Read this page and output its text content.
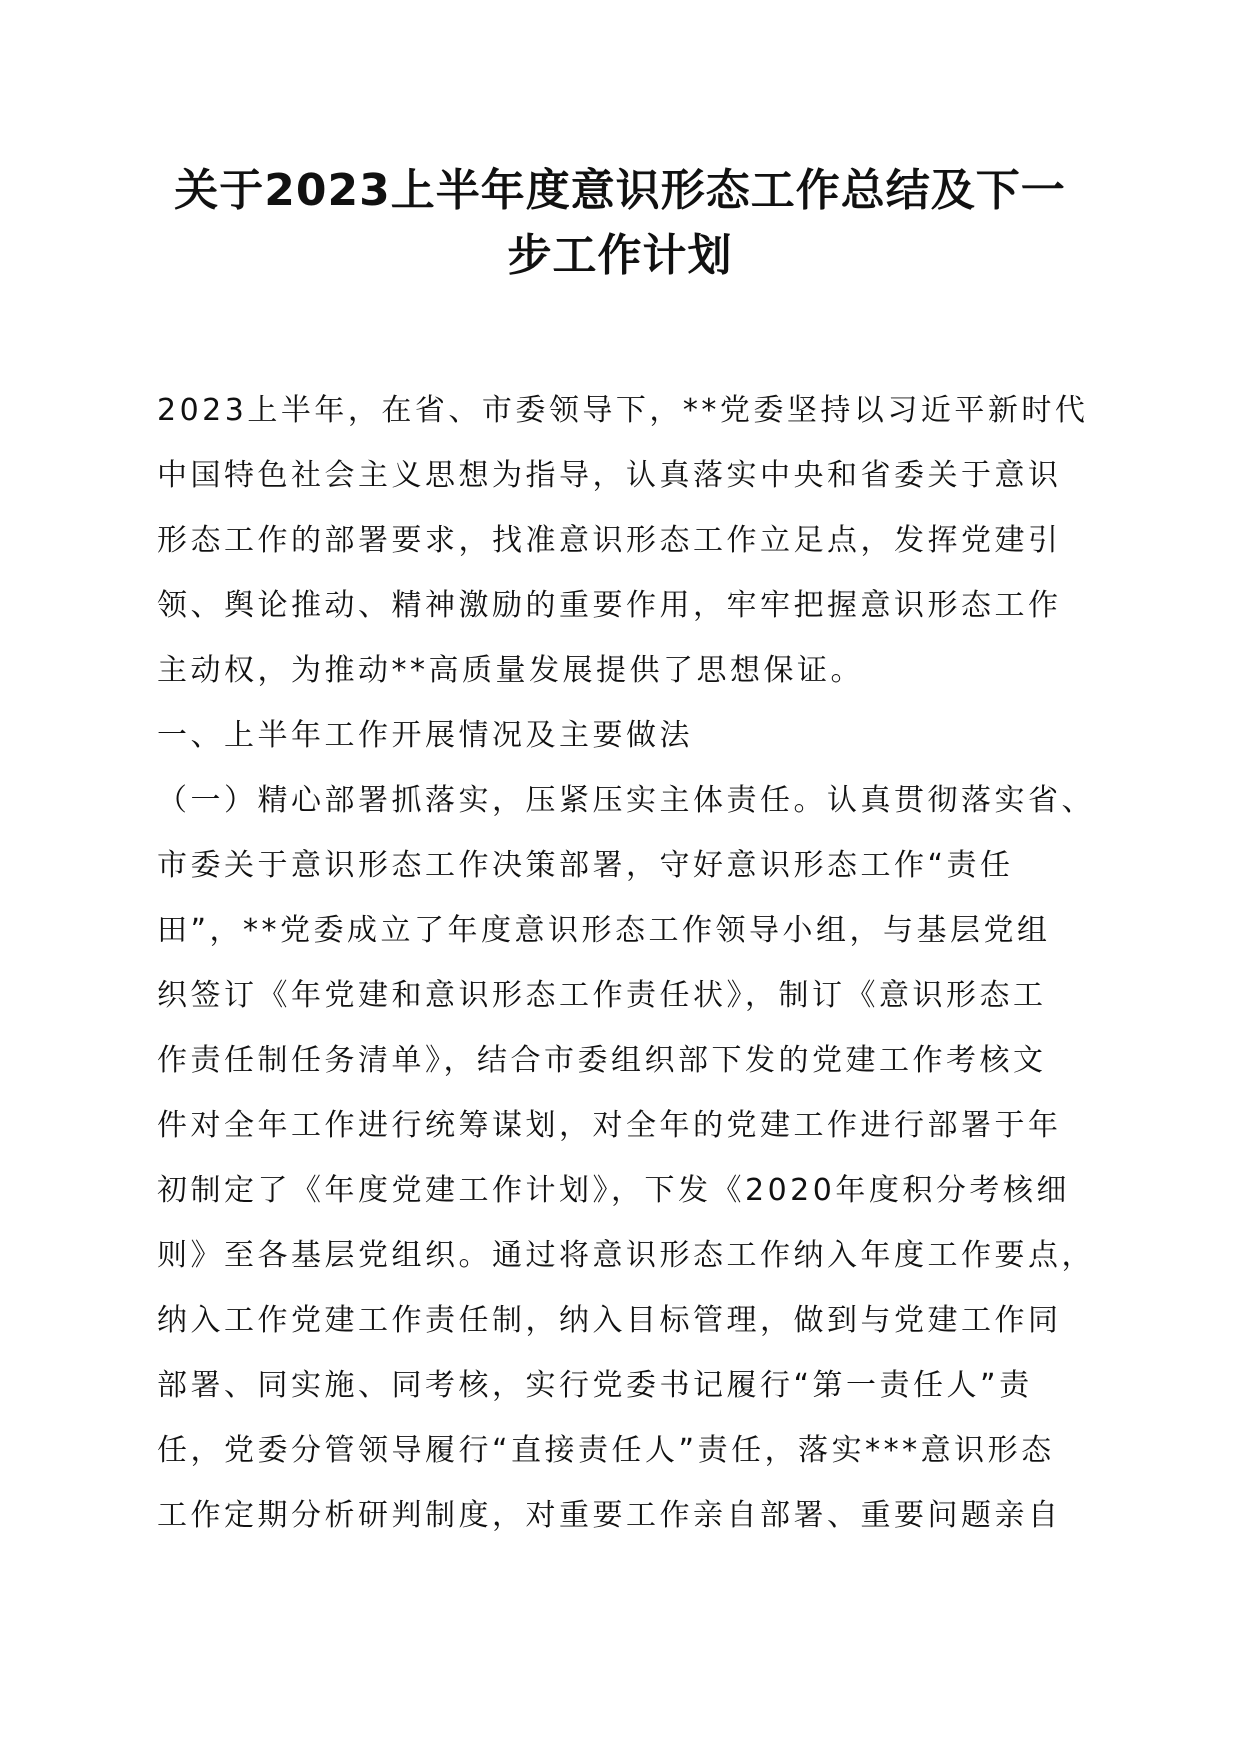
关于2023上半年度意识形态工作总结及下一
步工作计划
2023上半年，在省、市委领导下，**党委坚持以习近平新时代
中国特色社会主义思想为指导，认真落实中央和省委关于意识
形态工作的部署要求，找准意识形态工作立足点，发挥党建引
领、舆论推动、精神激励的重要作用，牢牢把握意识形态工作
主动权，为推动**高质量发展提供了思想保证。
一、上半年工作开展情况及主要做法
（一）精心部署抓落实，压紧压实主体责任。认真贯彻落实省、
市委关于意识形态工作决策部署，守好意识形态工作“责任
田”，**党委成立了年度意识形态工作领导小组，与基层党组
织签订《年党建和意识形态工作责任状》，制订《意识形态工
作责任制任务清单》，结合市委组织部下发的党建工作考核文
件对全年工作进行统筹谋划，对全年的党建工作进行部署于年
初制定了《年度党建工作计划》，下发《2020年度积分考核细
则》至各基层党组织。通过将意识形态工作纳入年度工作要点，
纳入工作党建工作责任制，纳入目标管理，做到与党建工作同
部署、同实施、同考核，实行党委书记履行“第一责任人”责
任，党委分管领导履行“直接责任人”责任，落实***意识形态
工作定期分析研判制度，对重要工作亲自部署、重要问题亲自
